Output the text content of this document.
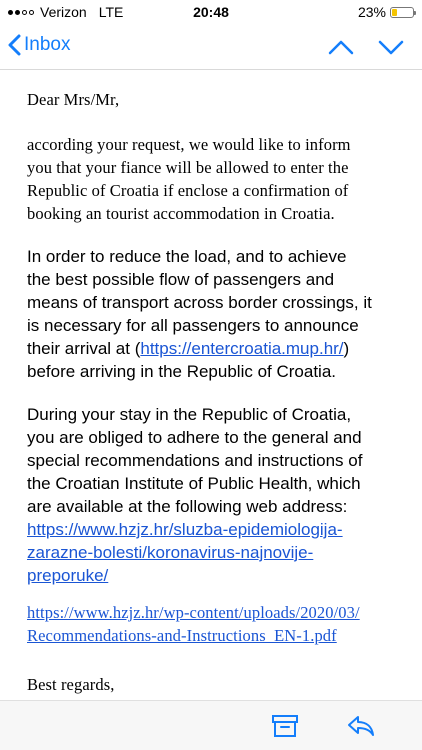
Verizon LTE	20:48	23%
Inbox
Dear Mrs/Mr,
according your request, we would like to inform
you that your fiance will be allowed to enter the
Republic of Croatia if enclose a confirmation of
booking an tourist accommodation in Croatia.
In order to reduce the load, and to achieve
the best possible flow of passengers and
means of transport across border crossings, it
is necessary for all passengers to announce
their arrival at (https://entercroatia.mup.hr/)
before arriving in the Republic of Croatia.
During your stay in the Republic of Croatia,
you are obliged to adhere to the general and
special recommendations and instructions of
the Croatian Institute of Public Health, which
are available at the following web address:
https://www.hzjz.hr/sluzba-epidemiologija-
zarazne-bolesti/koronavirus-najnovije-
preporuke/
https://www.hzjz.hr/wp-content/uploads/2020/03/
Recommendations-and-Instructions_EN-1.pdf
Best regards,
